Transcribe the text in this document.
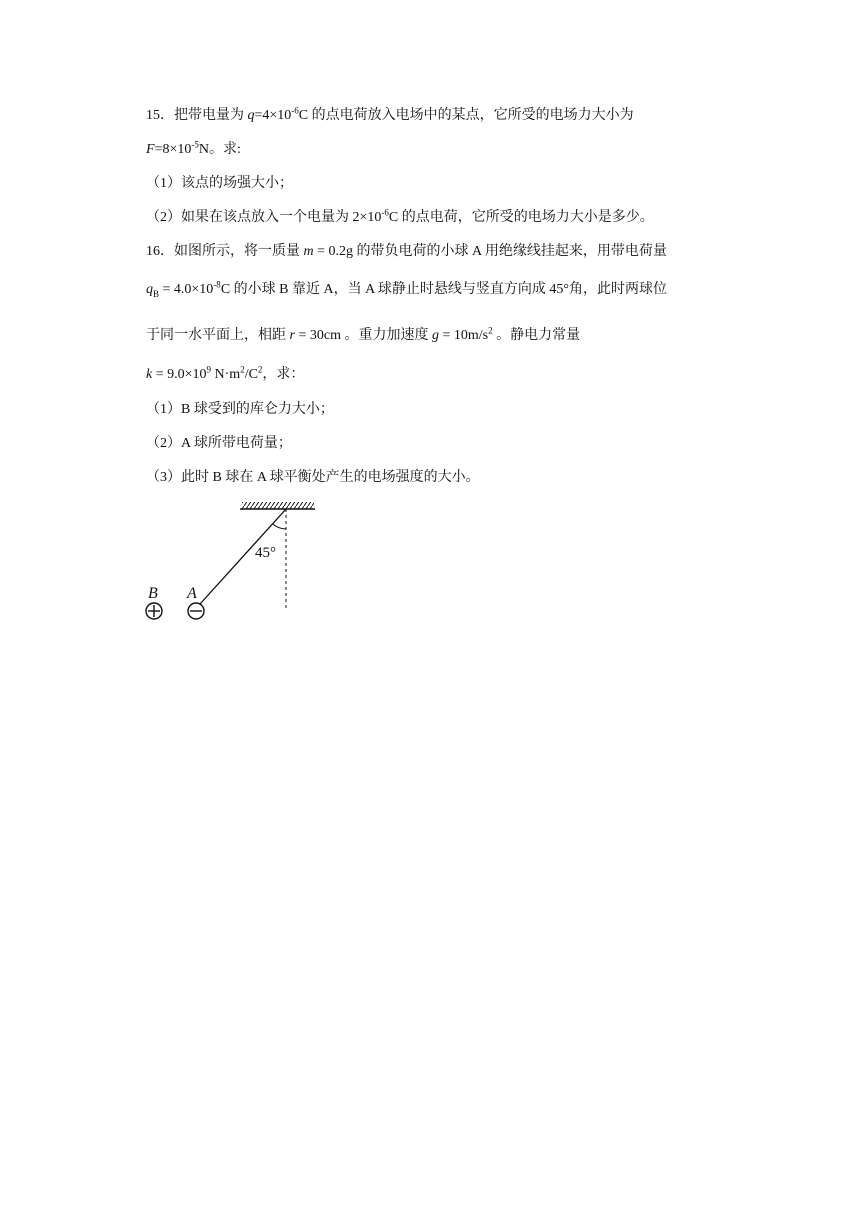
15．把带电量为 $q=4\times 10^{-6}C$ 的点电荷放入电场中的某点，它所受的电场力大小为
$F=8\times 10^{-5}N$。求:
（1）该点的场强大小；
（2）如果在该点放入一个电量为 $2\times 10^{-6}C$ 的点电荷，它所受的电场力大小是多少。
16．如图所示，将一质量 m = 0.2g 的带负电荷的小球 A 用绝缘线挂起来，用带电荷量
$q_B = 4.0\times 10^{-8}C$ 的小球 B 靠近 A，当 A 球静止时悬线与竖直方向成 45°角，此时两球位
于同一水平面上，相距 r = 30cm 。重力加速度 $g = 10m/s^2$ 。静电力常量
$k = 9.0\times 10^9$ $N\cdot m^2/C^2$，求：
（1）B 球受到的库仑力大小；
（2）A 球所带电荷量；
（3）此时 B 球在 A 球平衡处产生的电场强度的大小。
45°
B A
